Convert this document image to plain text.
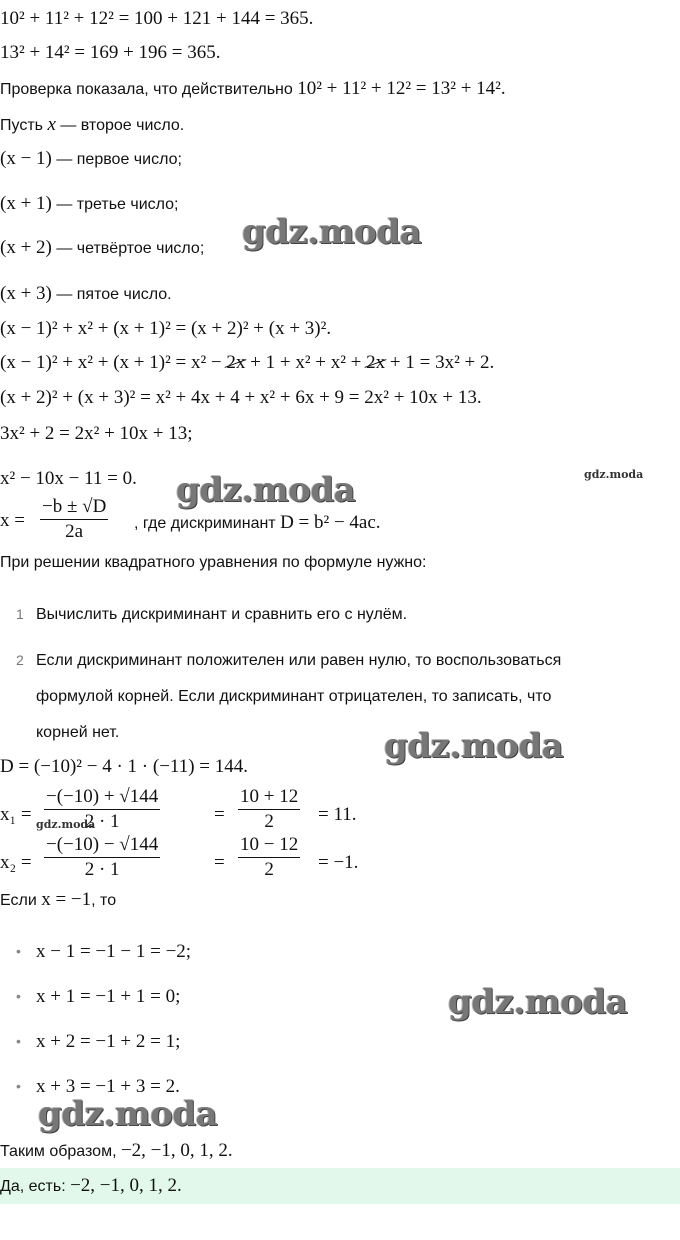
10² + 11² + 12² = 100 + 121 + 144 = 365.
13² + 14² = 169 + 196 = 365.
Проверка показала, что действительно 10² + 11² + 12² = 13² + 14².
Пусть x — второе число.
(x − 1) — первое число;
(x + 1) — третье число;
(x + 2) — четвёртое число;
(x + 3) — пятое число.
(x − 1)² + x² + (x + 1)² = (x + 2)² + (x + 3)².
(x − 1)² + x² + (x + 1)² = x² − 2x + 1 + x² + x² + 2x + 1 = 3x² + 2.
(x + 2)² + (x + 3)² = x² + 4x + 4 + x² + 6x + 9 = 2x² + 10x + 13.
3x² + 2 = 2x² + 10x + 13;
x² − 10x − 11 = 0.
x =
−b ± √D
2a	, где дискриминант D = b² − 4ac.
При решении квадратного уравнения по формуле нужно:
1 Вычислить дискриминант и сравнить его с нулём.
2 Если дискриминант положителен или равен нулю, то воспользоваться
формулой корней. Если дискриминант отрицателен, то записать, что
корней нет.
D = (−10)² − 4 · 1 · (−11) = 144.
x₁ =
−(−10) + √144
2 · 1	=
10 + 12
2	= 11.
x₂ =
−(−10) − √144
2 · 1	=
10 − 12
2	= −1.
Если x = −1, то
• x − 1 = −1 − 1 = −2;
• x + 1 = −1 + 1 = 0;
• x + 2 = −1 + 2 = 1;
• x + 3 = −1 + 3 = 2.
Таким образом, −2, −1, 0, 1, 2.
Да, есть: −2, −1, 0, 1, 2.
gdz.moda
gdz.moda
gdz.moda
gdz.moda
gdz.moda
gdz.moda
gdz.moda
